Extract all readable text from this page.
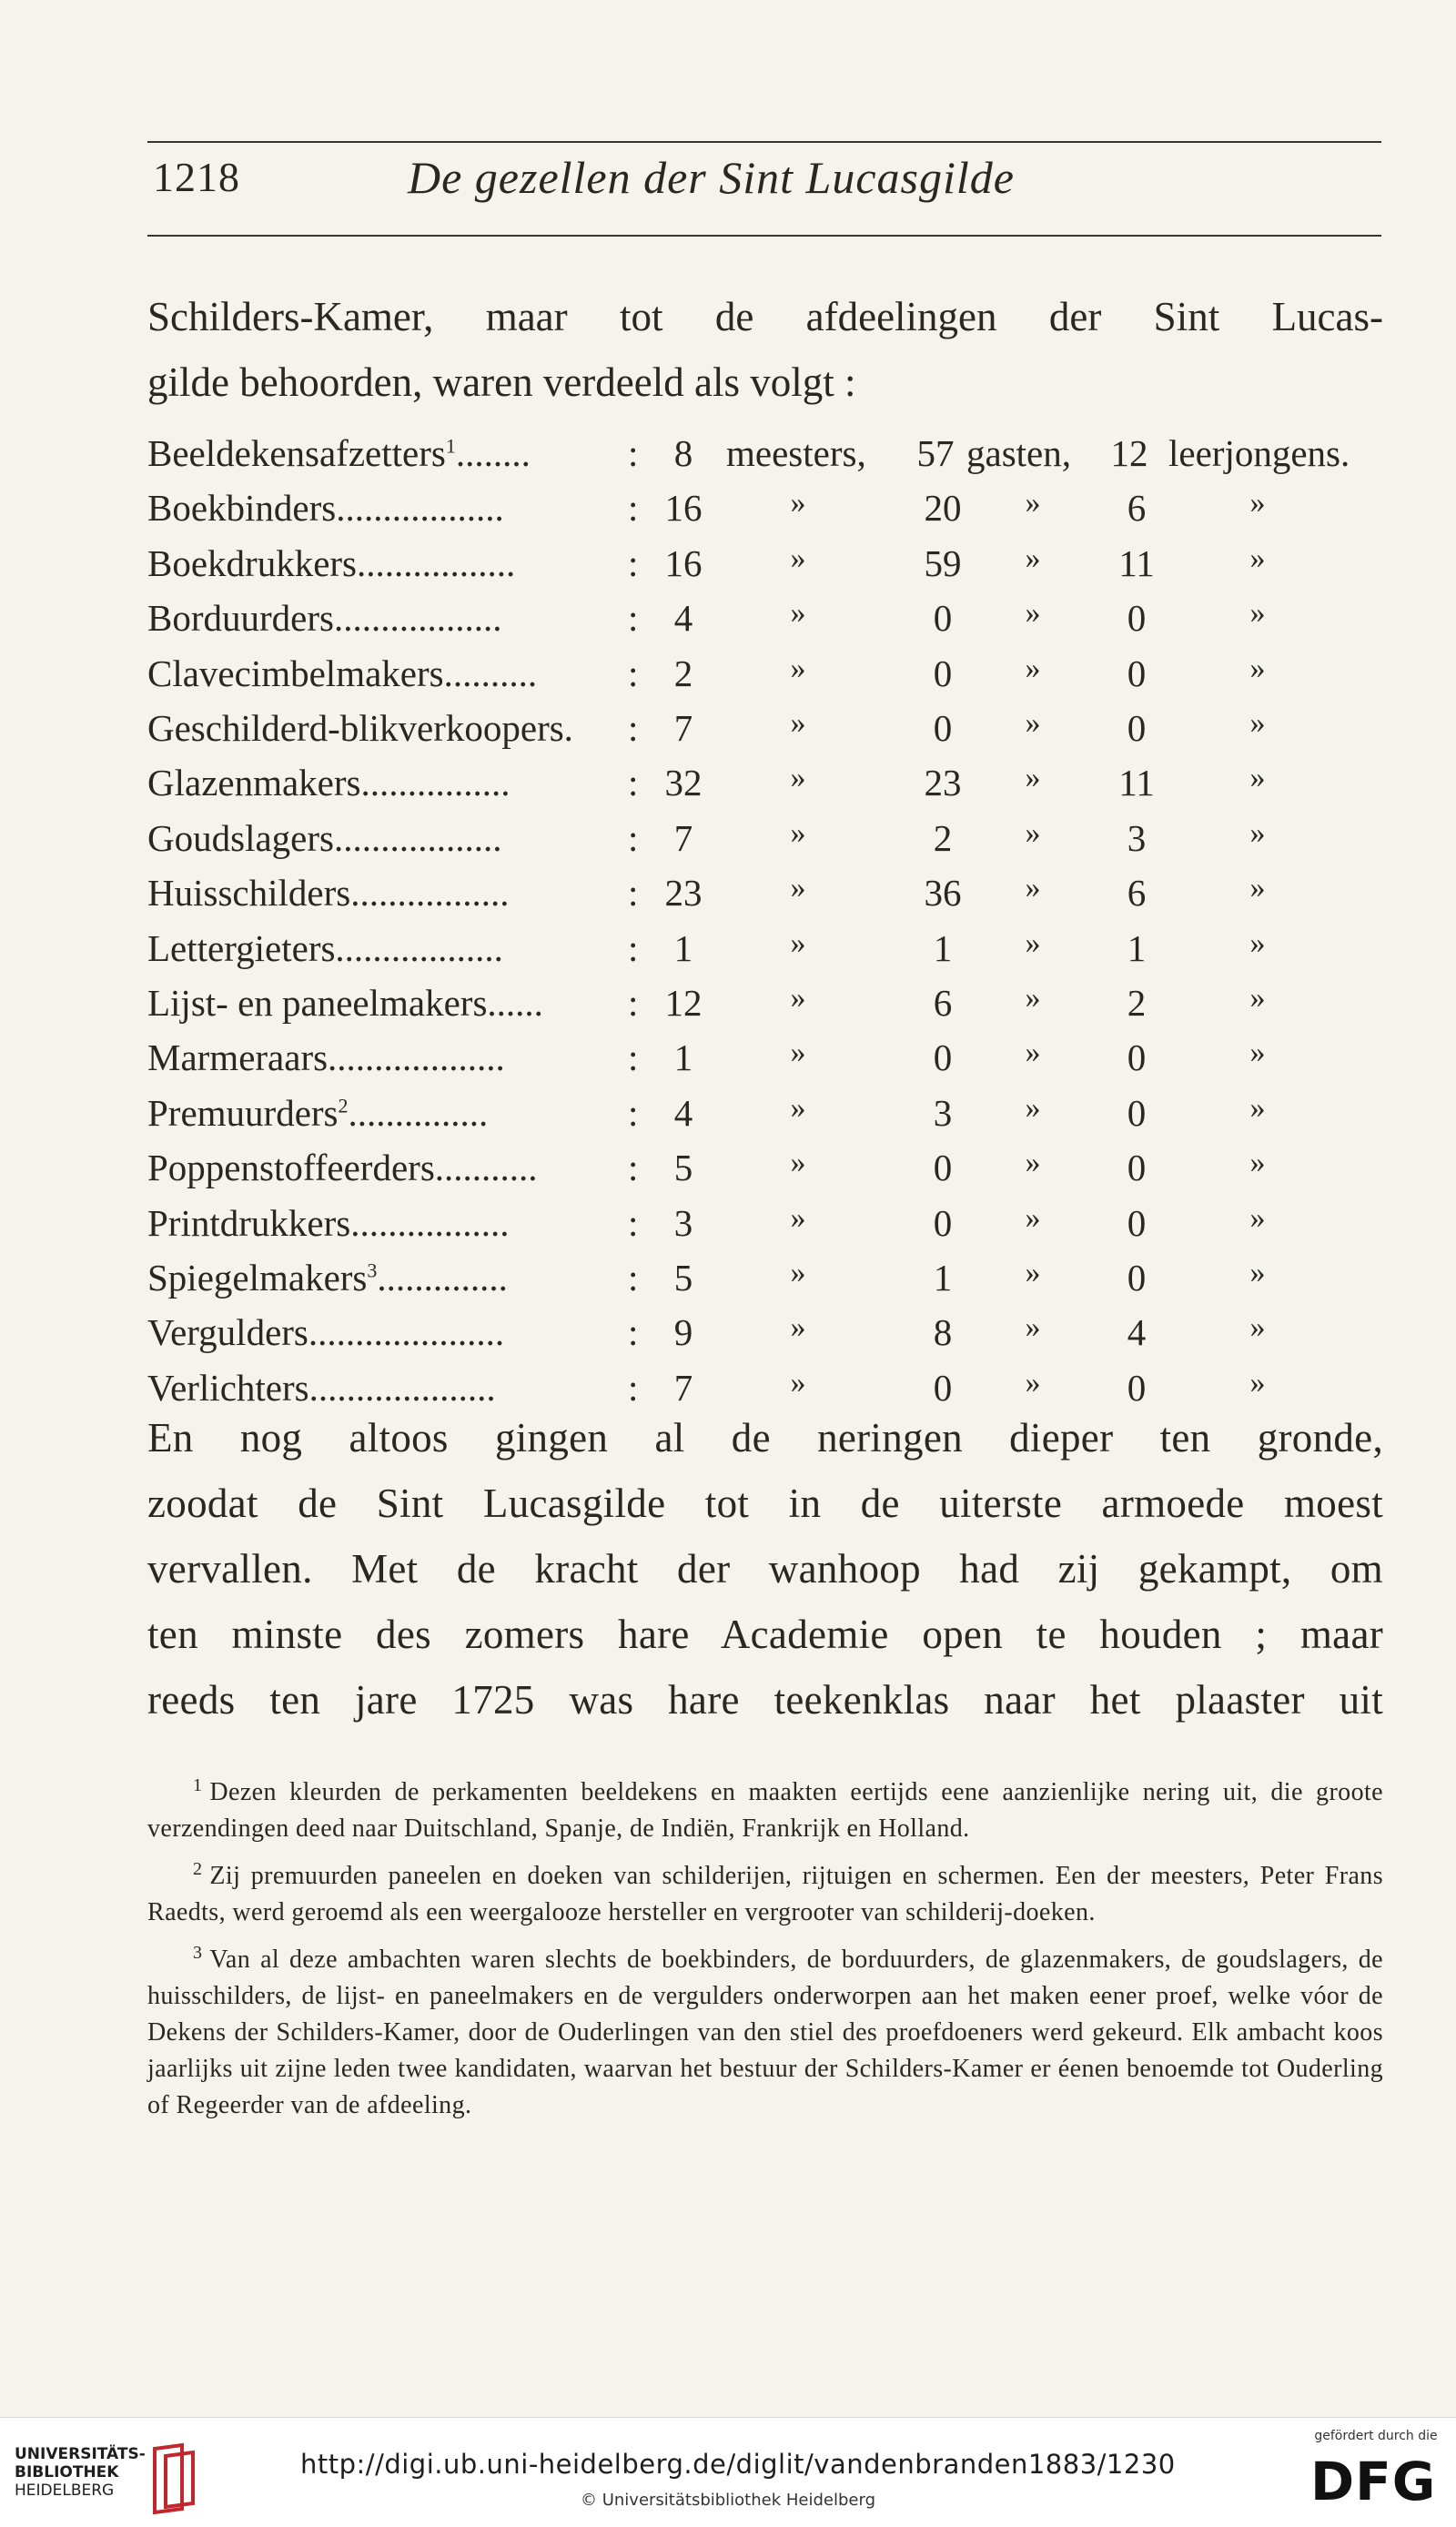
1218	De gezellen der Sint Lucasgilde
Schilders-Kamer, maar tot de afdeelingen der Sint Lucas-
gilde behoorden, waren verdeeld als volgt :
Beeldekensafzetters$^1$........	: 8 meesters,	57 gasten,	12 leerjongens.
Boekbinders..................	: 16	»	20	»	6	»
Boekdrukkers.................	: 16	»	59	»	11	»
Borduurders..................	: 4	»	0	»	0	»
Clavecimbelmakers.......... : 2	»	0	»	0	»
Geschilderd-blikverkoopers. : 7	»	0	»	0	»
Glazenmakers................	: 32	»	23	»	11	»
Goudslagers..................	: 7	»	2	»	3	»
Huisschilders.................	: 23	»	36	»	6	»
Lettergieters..................	: 1	»	1	»	1	»
Lijst- en paneelmakers...... : 12	»	6	»	2	»
Marmeraars...................	: 1	»	0	»	0	»
Premuurders$^2$...............	: 4	»	3	»	0	»
Poppenstoffeerders........... : 5	»	0	»	0	»
Printdrukkers.................	: 3	»	0	»	0	»
Spiegelmakers$^3$..............	: 5	»	1	»	0	»
Vergulders.....................	: 9	»	8	»	4	»
Verlichters....................	: 7	»	0	»	0	»
En nog altoos gingen al de neringen dieper ten gronde,
zoodat de Sint Lucasgilde tot in de uiterste armoede moest
vervallen. Met de kracht der wanhoop had zij gekampt, om
ten minste des zomers hare Academie open te houden ; maar
reeds ten jare 1725 was hare teekenklas naar het plaaster uit

$^1$ Dezen kleurden de perkamenten beeldekens en maakten eertijds eene aanzienlijke nering uit, die groote verzendingen deed naar Duitschland, Spanje, de Indiën, Frankrijk en Holland.

$^2$ Zij premuurden paneelen en doeken van schilderijen, rijtuigen en schermen. Een der meesters, Peter Frans Raedts, werd geroemd als een weergalooze hersteller en vergrooter van schilderij-doeken.

$^3$ Van al deze ambachten waren slechts de boekbinders, de borduurders, de glazenmakers, de goudslagers, de huisschilders, de lijst- en paneelmakers en de vergulders onderworpen aan het maken eener proef, welke vóor de Dekens der Schilders-Kamer, door de Ouderlingen van den stiel des proefdoeners werd gekeurd. Elk ambacht koos jaarlijks uit zijne leden twee kandidaten, waarvan het bestuur der Schilders-Kamer er éenen benoemde tot Ouderling of Regeerder van de afdeeling.

UNIVERSITÄTS-
BIBLIOTHEK
HEIDELBERG
http://digi.ub.uni-heidelberg.de/diglit/vandenbranden1883/1230
© Universitätsbibliothek Heidelberg
gefördert durch die
DFG
